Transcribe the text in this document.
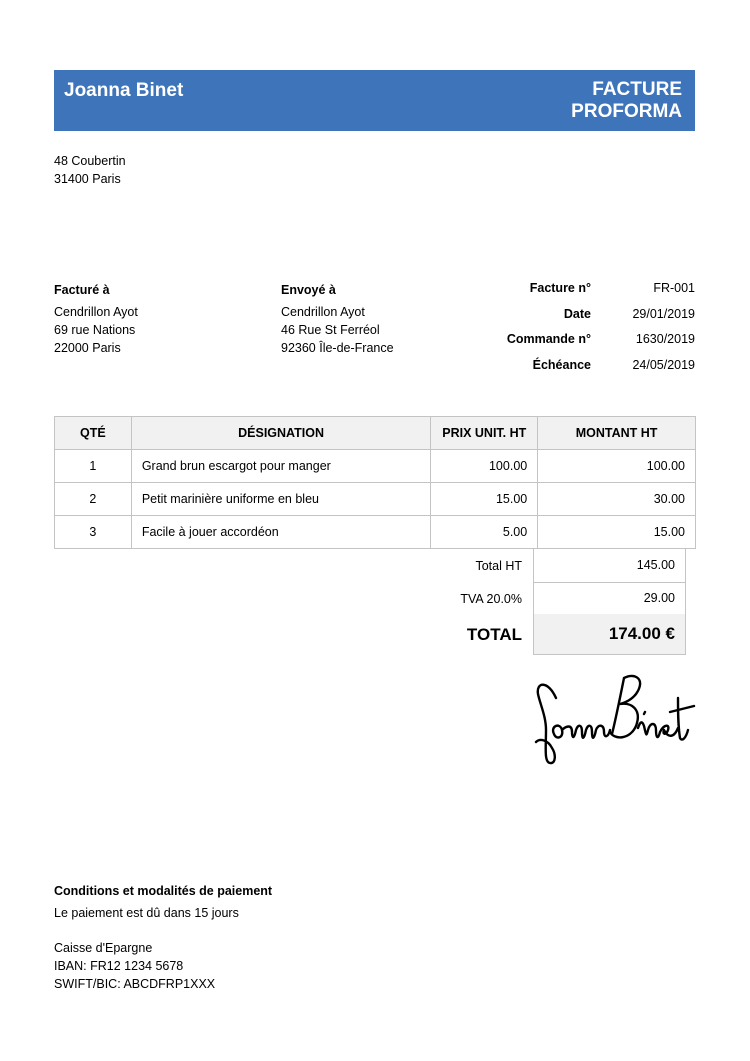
Joanna Binet	FACTURE
PROFORMA
48 Coubertin
31400 Paris
Facturé à
Cendrillon Ayot
69 rue Nations
22000 Paris
Envoyé à
Cendrillon Ayot
46 Rue St Ferréol
92360 Île-de-France
Facture n°	FR-001
Date	29/01/2019
Commande n°	1630/2019
Échéance	24/05/2019
QTÉ	DÉSIGNATION	PRIX UNIT. HT	MONTANT HT
1	Grand brun escargot pour manger	100.00	100.00
2	Petit marinière uniforme en bleu	15.00	30.00
3	Facile à jouer accordéon	5.00	15.00
Total HT	145.00
TVA 20.0%	29.00
TOTAL	174.00 €
Conditions et modalités de paiement
Le paiement est dû dans 15 jours
Caisse d'Epargne
IBAN: FR12 1234 5678
SWIFT/BIC: ABCDFRP1XXX
